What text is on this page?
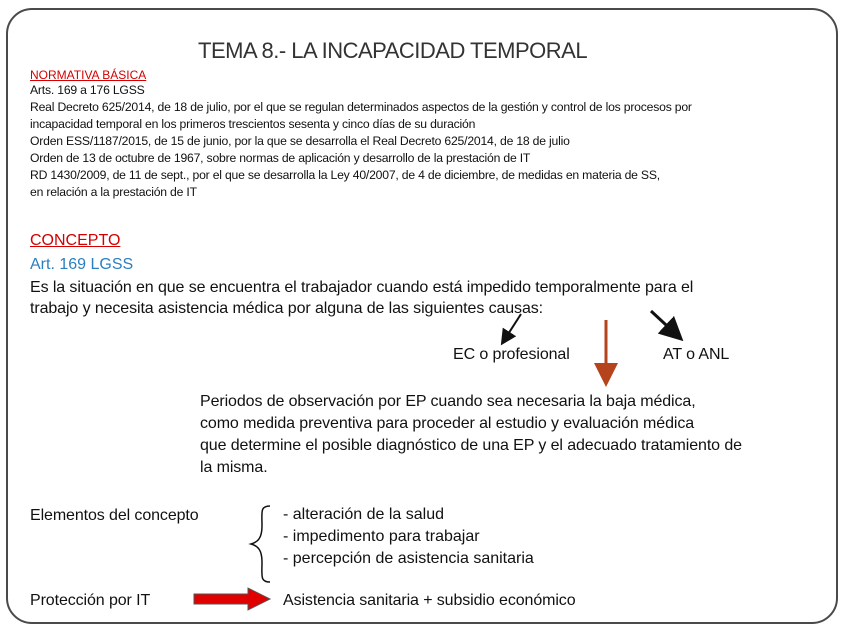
TEMA 8.- LA INCAPACIDAD TEMPORAL
NORMATIVA BÁSICA
Arts. 169 a 176 LGSS
Real Decreto 625/2014, de 18 de julio, por el que se regulan determinados aspectos de la gestión y control de los procesos por
incapacidad temporal en los primeros trescientos sesenta y cinco días de su duración
Orden ESS/1187/2015, de 15 de junio, por la que se desarrolla el Real Decreto 625/2014, de 18 de julio
Orden de 13 de octubre de 1967, sobre normas de aplicación y desarrollo de la prestación de IT
RD 1430/2009, de 11 de sept., por el que se desarrolla la Ley 40/2007, de 4 de diciembre, de medidas en materia de SS,
en relación a la prestación de IT
CONCEPTO
Art. 169 LGSS
Es la situación en que se encuentra el trabajador cuando está impedido temporalmente para el
trabajo y necesita asistencia médica por alguna de las siguientes causas:
EC o profesional	AT o ANL
Periodos de observación por EP cuando sea necesaria la baja médica,
como medida preventiva para proceder al estudio y evaluación médica
que determine el posible diagnóstico de una EP y el adecuado tratamiento de
la misma.
Elementos del concepto	- alteración de la salud
- impedimento para trabajar
- percepción de asistencia sanitaria
Protección por IT	Asistencia sanitaria + subsidio económico
